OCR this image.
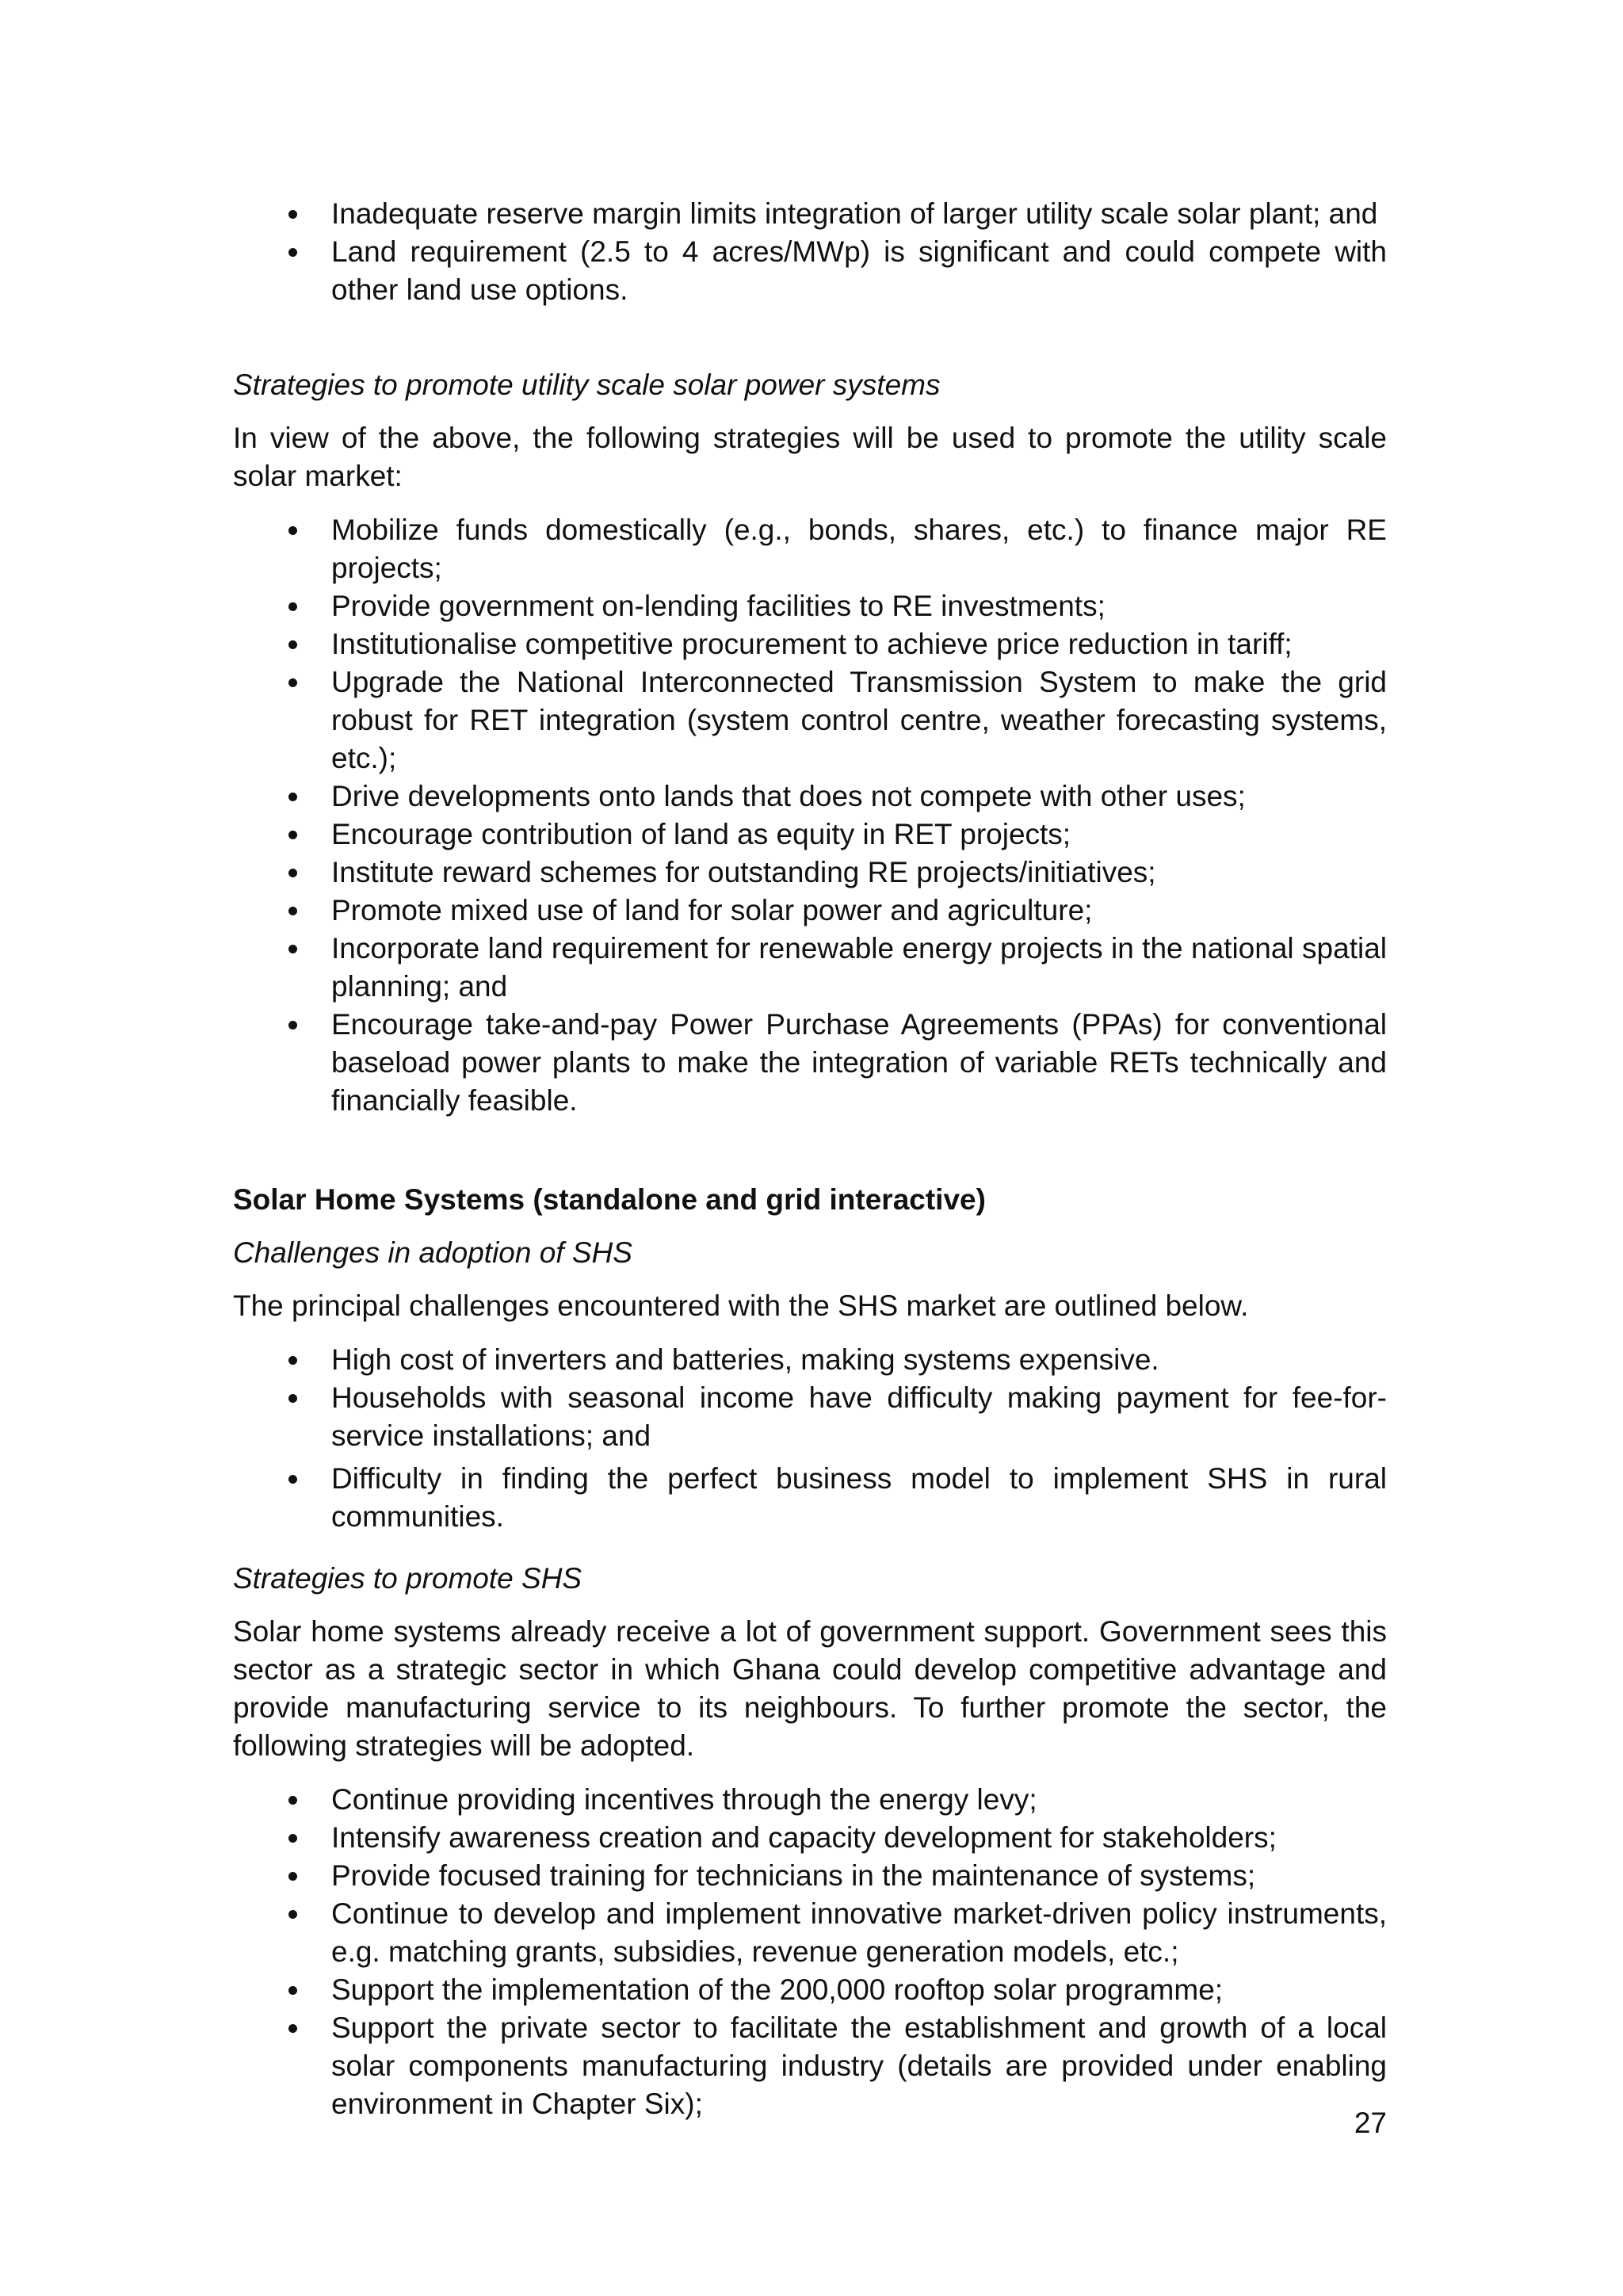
Inadequate reserve margin limits integration of larger utility scale solar plant; and
Land requirement (2.5 to 4 acres/MWp) is significant and could compete with other land use options.

Strategies to promote utility scale solar power systems

In view of the above, the following strategies will be used to promote the utility scale solar market:

Mobilize funds domestically (e.g., bonds, shares, etc.) to finance major RE projects;
Provide government on-lending facilities to RE investments;
Institutionalise competitive procurement to achieve price reduction in tariff;
Upgrade the National Interconnected Transmission System to make the grid robust for RET integration (system control centre, weather forecasting systems, etc.);
Drive developments onto lands that does not compete with other uses;
Encourage contribution of land as equity in RET projects;
Institute reward schemes for outstanding RE projects/initiatives;
Promote mixed use of land for solar power and agriculture;
Incorporate land requirement for renewable energy projects in the national spatial planning; and
Encourage take-and-pay Power Purchase Agreements (PPAs) for conventional baseload power plants to make the integration of variable RETs technically and financially feasible.

Solar Home Systems (standalone and grid interactive)

Challenges in adoption of SHS

The principal challenges encountered with the SHS market are outlined below.

High cost of inverters and batteries, making systems expensive.
Households with seasonal income have difficulty making payment for fee-for-service installations; and
Difficulty in finding the perfect business model to implement SHS in rural communities.

Strategies to promote SHS

Solar home systems already receive a lot of government support. Government sees this sector as a strategic sector in which Ghana could develop competitive advantage and provide manufacturing service to its neighbours. To further promote the sector, the following strategies will be adopted.

Continue providing incentives through the energy levy;
Intensify awareness creation and capacity development for stakeholders;
Provide focused training for technicians in the maintenance of systems;
Continue to develop and implement innovative market-driven policy instruments, e.g. matching grants, subsidies, revenue generation models, etc.;
Support the implementation of the 200,000 rooftop solar programme;
Support the private sector to facilitate the establishment and growth of a local solar components manufacturing industry (details are provided under enabling environment in Chapter Six);
27
